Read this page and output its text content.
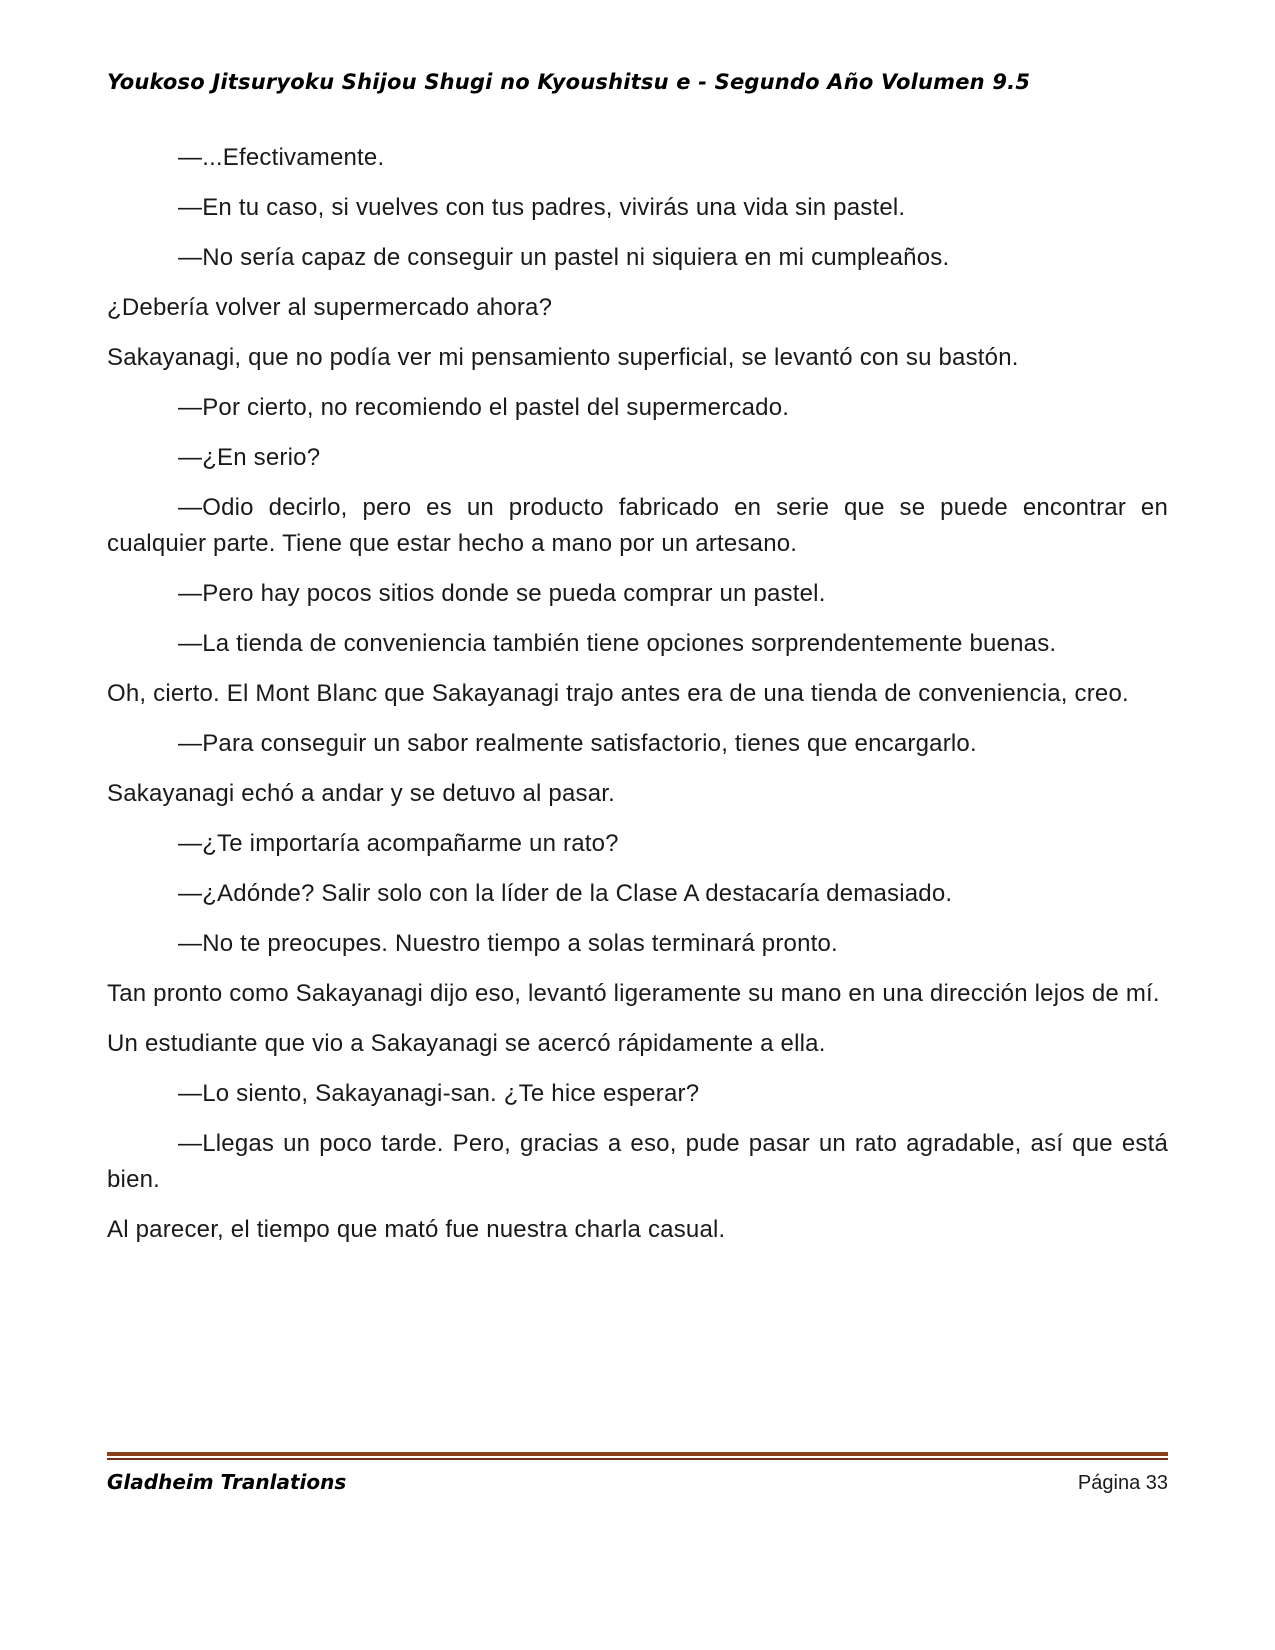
Youkoso Jitsuryoku Shijou Shugi no Kyoushitsu e - Segundo Año Volumen 9.5

—...Efectivamente.

—En tu caso, si vuelves con tus padres, vivirás una vida sin pastel.

—No sería capaz de conseguir un pastel ni siquiera en mi cumpleaños.

¿Debería volver al supermercado ahora?

Sakayanagi, que no podía ver mi pensamiento superficial, se levantó con su bastón.

—Por cierto, no recomiendo el pastel del supermercado.

—¿En serio?

—Odio decirlo, pero es un producto fabricado en serie que se puede encontrar en cualquier parte. Tiene que estar hecho a mano por un artesano.

—Pero hay pocos sitios donde se pueda comprar un pastel.

—La tienda de conveniencia también tiene opciones sorprendentemente buenas.

Oh, cierto. El Mont Blanc que Sakayanagi trajo antes era de una tienda de conveniencia, creo.

—Para conseguir un sabor realmente satisfactorio, tienes que encargarlo.

Sakayanagi echó a andar y se detuvo al pasar.

—¿Te importaría acompañarme un rato?

—¿Adónde? Salir solo con la líder de la Clase A destacaría demasiado.

—No te preocupes. Nuestro tiempo a solas terminará pronto.

Tan pronto como Sakayanagi dijo eso, levantó ligeramente su mano en una dirección lejos de mí.

Un estudiante que vio a Sakayanagi se acercó rápidamente a ella.

—Lo siento, Sakayanagi-san. ¿Te hice esperar?

—Llegas un poco tarde. Pero, gracias a eso, pude pasar un rato agradable, así que está bien.

Al parecer, el tiempo que mató fue nuestra charla casual.

Gladheim Tranlations	Página 33
